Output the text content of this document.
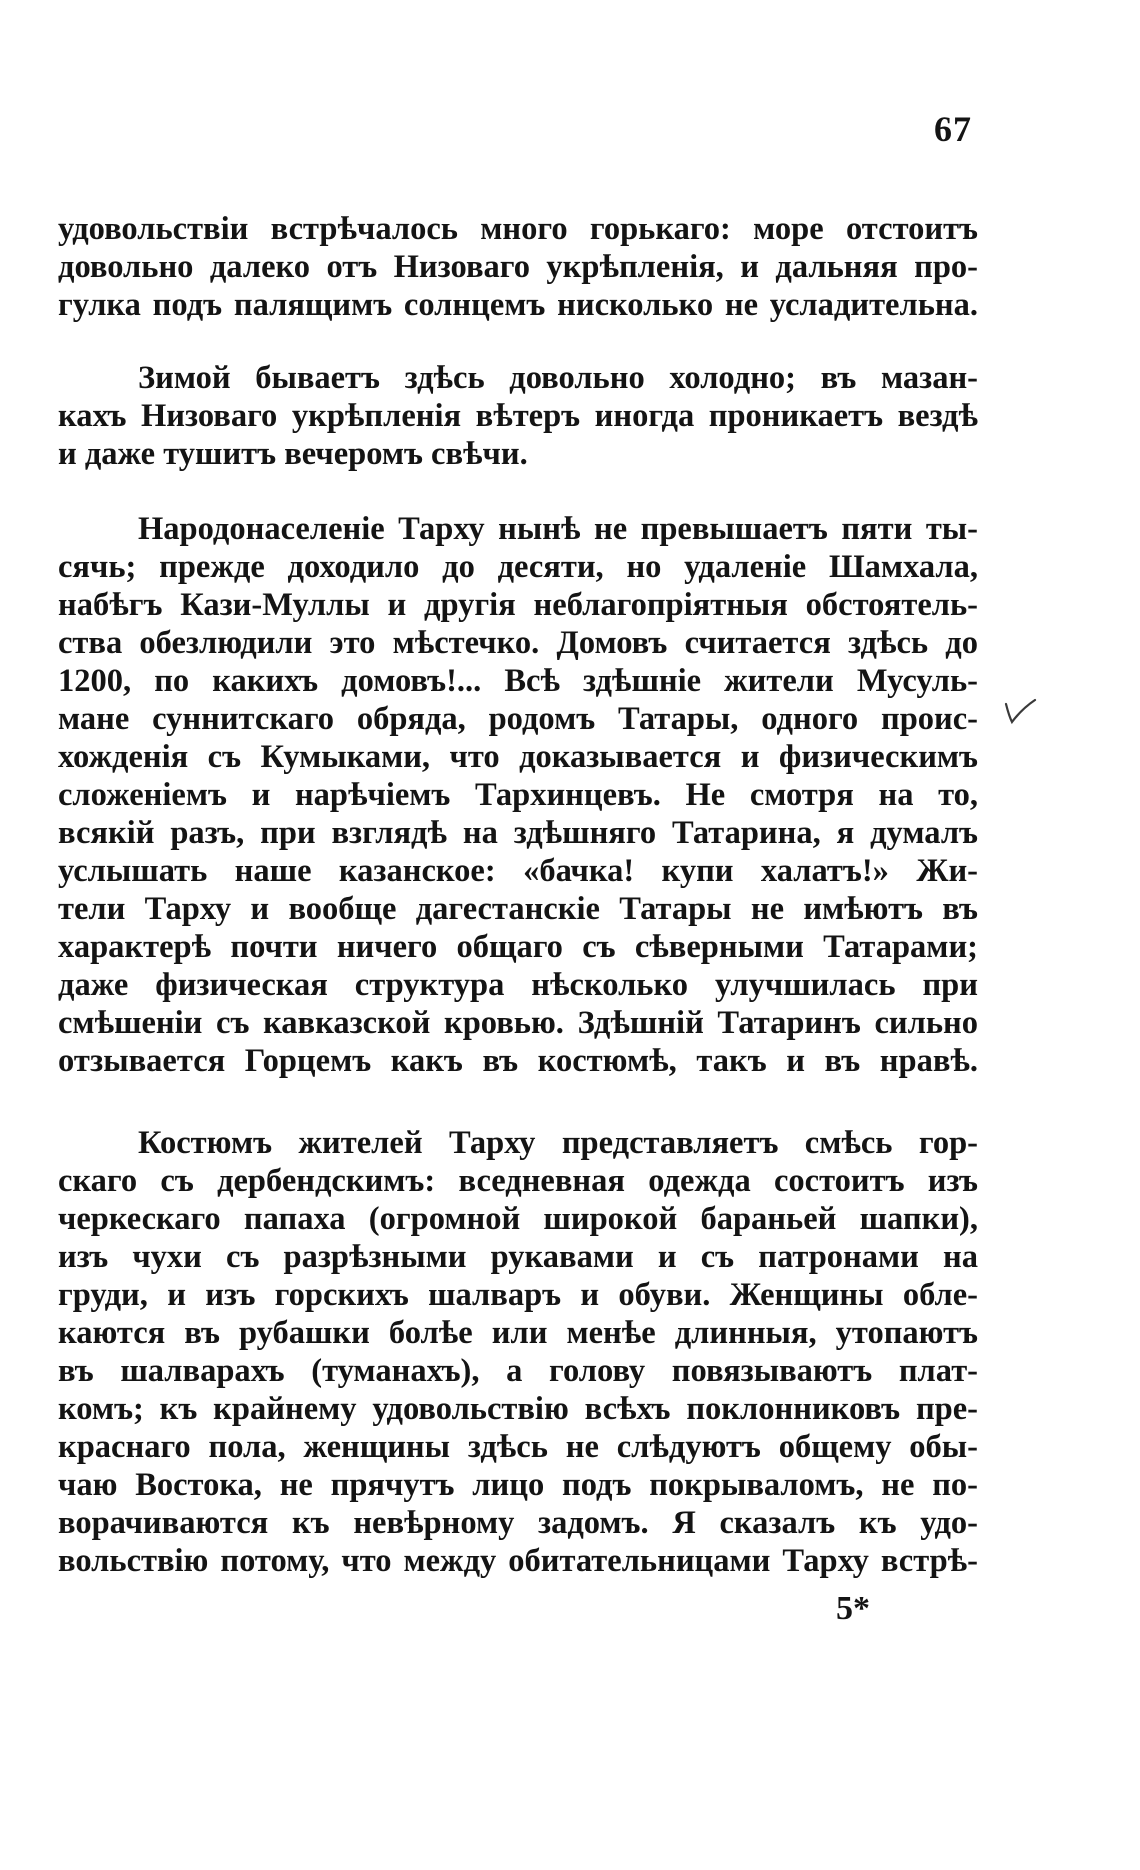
67
удовольствіи встрѣчалось много горькаго: море отстоитъ
довольно далеко отъ Низоваго укрѣпленія, и дальняя про-
гулка подъ палящимъ солнцемъ нисколько не усладительна.
Зимой бываетъ здѣсь довольно холодно; въ мазан-
кахъ Низоваго укрѣпленія вѣтеръ иногда проникаетъ вездѣ
и даже тушитъ вечеромъ свѣчи.
Народонаселеніе Тарху нынѣ не превышаетъ пяти ты-
сячь; прежде доходило до десяти, но удаленіе Шамхала,
набѣгъ Кази-Муллы и другія неблагопріятныя обстоятель-
ства обезлюдили это мѣстечко. Домовъ считается здѣсь до
1200, по какихъ домовъ!... Всѣ здѣшніе жители Мусуль-
мане суннитскаго обряда, родомъ Татары, одного проис-
хожденія съ Кумыками, что доказывается и физическимъ
сложеніемъ и нарѣчіемъ Тархинцевъ. Не смотря на то,
всякій разъ, при взглядѣ на здѣшняго Татарина, я думалъ
услышать наше казанское: «бачка! купи халатъ!» Жи-
тели Тарху и вообще дагестанскіе Татары не имѣютъ въ
характерѣ почти ничего общаго съ сѣверными Татарами;
даже физическая структура нѣсколько улучшилась при
смѣшеніи съ кавказской кровью. Здѣшній Татаринъ сильно
отзывается Горцемъ какъ въ костюмѣ, такъ и въ нравѣ.
Костюмъ жителей Тарху представляетъ смѣсь гор-
скаго съ дербендскимъ: вседневная одежда состоитъ изъ
черкескаго папаха (огромной широкой бараньей шапки),
изъ чухи съ разрѣзными рукавами и съ патронами на
груди, и изъ горскихъ шалваръ и обуви. Женщины обле-
каются въ рубашки болѣе или менѣе длинныя, утопаютъ
въ шалварахъ (туманахъ), а голову повязываютъ плат-
комъ; къ крайнему удовольствію всѣхъ поклонниковъ пре-
краснаго пола, женщины здѣсь не слѣдуютъ общему обы-
чаю Востока, не прячутъ лицо подъ покрываломъ, не по-
ворачиваются къ невѣрному задомъ. Я сказалъ къ удо-
вольствію потому, что между обитательницами Тарху встрѣ-
5*
